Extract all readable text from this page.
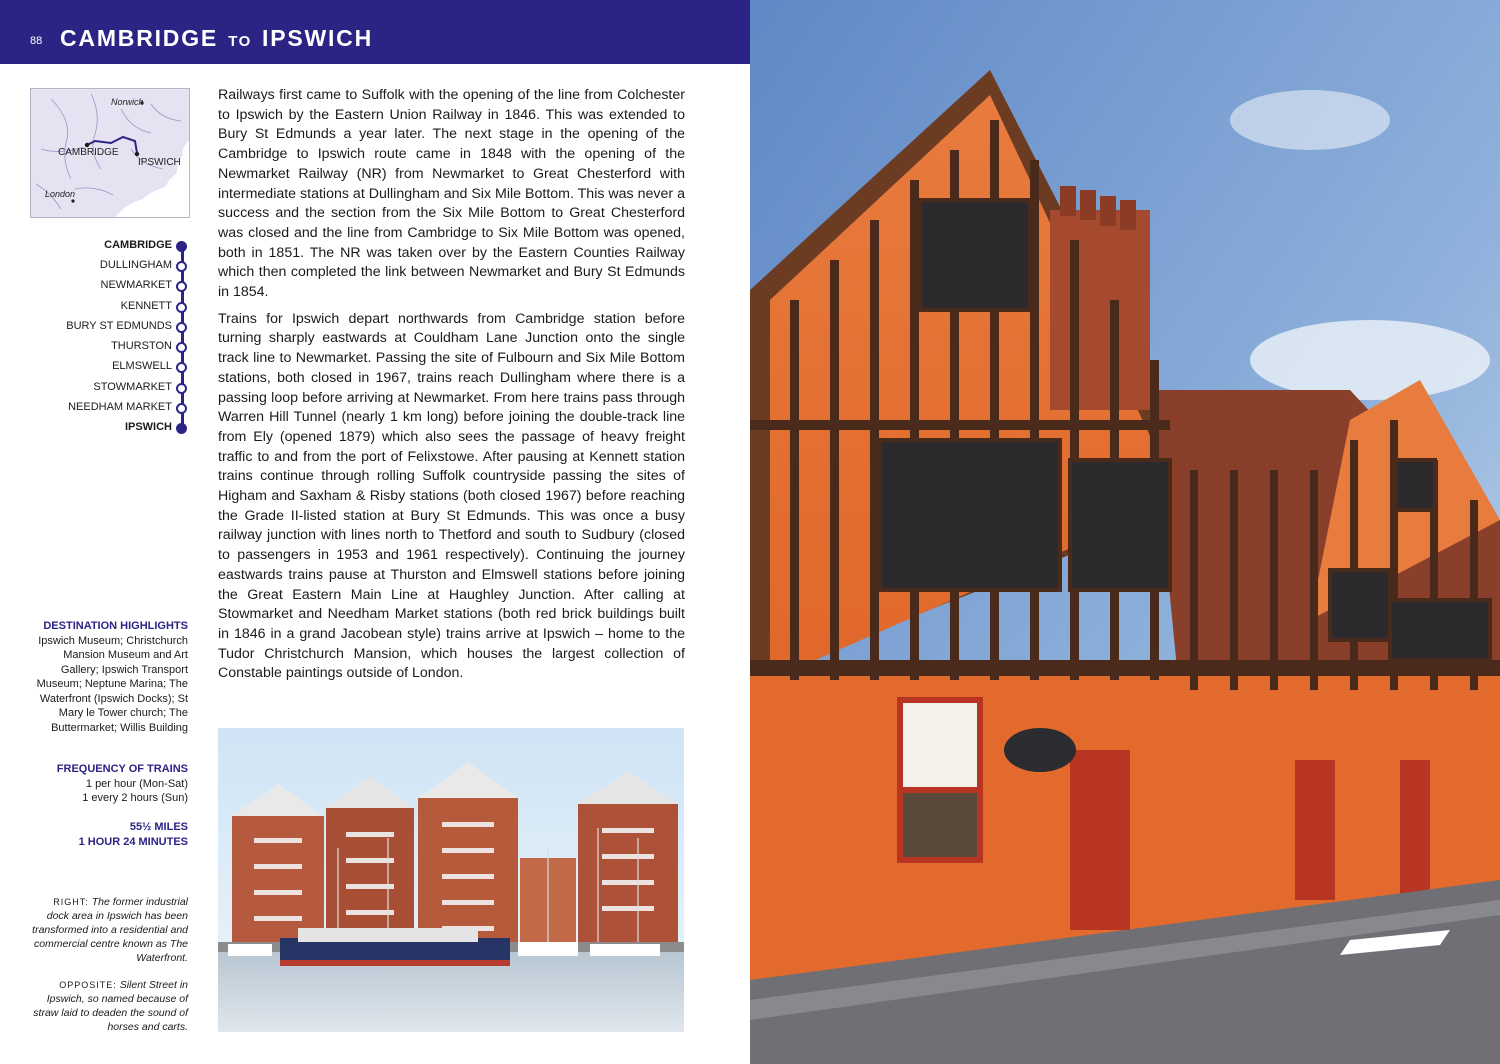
88 CAMBRIDGE TO IPSWICH
Norwich
CAMBRIDGE
IPSWICH
London
CAMBRIDGE
DULLINGHAM
NEWMARKET
KENNETT
BURY ST EDMUNDS
THURSTON
ELMSWELL
STOWMARKET
NEEDHAM MARKET
IPSWICH
DESTINATION HIGHLIGHTS
Ipswich Museum; Christchurch Mansion Museum and Art Gallery; Ipswich Transport Museum; Neptune Marina; The Waterfront (Ipswich Docks); St Mary le Tower church; The Buttermarket; Willis Building
FREQUENCY OF TRAINS
1 per hour (Mon-Sat)
1 every 2 hours (Sun)
55½ MILES
1 HOUR 24 MINUTES
RIGHT: The former industrial dock area in Ipswich has been transformed into a residential and commercial centre known as The Waterfront.
OPPOSITE: Silent Street in Ipswich, so named because of straw laid to deaden the sound of horses and carts.

Railways first came to Suffolk with the opening of the line from Colchester to Ipswich by the Eastern Union Railway in 1846. This was extended to Bury St Edmunds a year later. The next stage in the opening of the Cambridge to Ipswich route came in 1848 with the opening of the Newmarket Railway (NR) from Newmarket to Great Chesterford with intermediate stations at Dullingham and Six Mile Bottom. This was never a success and the section from the Six Mile Bottom to Great Chesterford was closed and the line from Cambridge to Six Mile Bottom was opened, both in 1851. The NR was taken over by the Eastern Counties Railway which then completed the link between Newmarket and Bury St Edmunds in 1854.

Trains for Ipswich depart northwards from Cambridge station before turning sharply eastwards at Couldham Lane Junction onto the single track line to Newmarket. Passing the site of Fulbourn and Six Mile Bottom stations, both closed in 1967, trains reach Dullingham where there is a passing loop before arriving at Newmarket. From here trains pass through Warren Hill Tunnel (nearly 1 km long) before joining the double-track line from Ely (opened 1879) which also sees the passage of heavy freight traffic to and from the port of Felixstowe. After pausing at Kennett station trains continue through rolling Suffolk countryside passing the sites of Higham and Saxham & Risby stations (both closed 1967) before reaching the Grade II-listed station at Bury St Edmunds. This was once a busy railway junction with lines north to Thetford and south to Sudbury (closed to passengers in 1953 and 1961 respectively). Continuing the journey eastwards trains pause at Thurston and Elmswell stations before joining the Great Eastern Main Line at Haughley Junction. After calling at Stowmarket and Needham Market stations (both red brick buildings built in 1846 in a grand Jacobean style) trains arrive at Ipswich – home to the Tudor Christchurch Mansion, which houses the largest collection of Constable paintings outside of London.
